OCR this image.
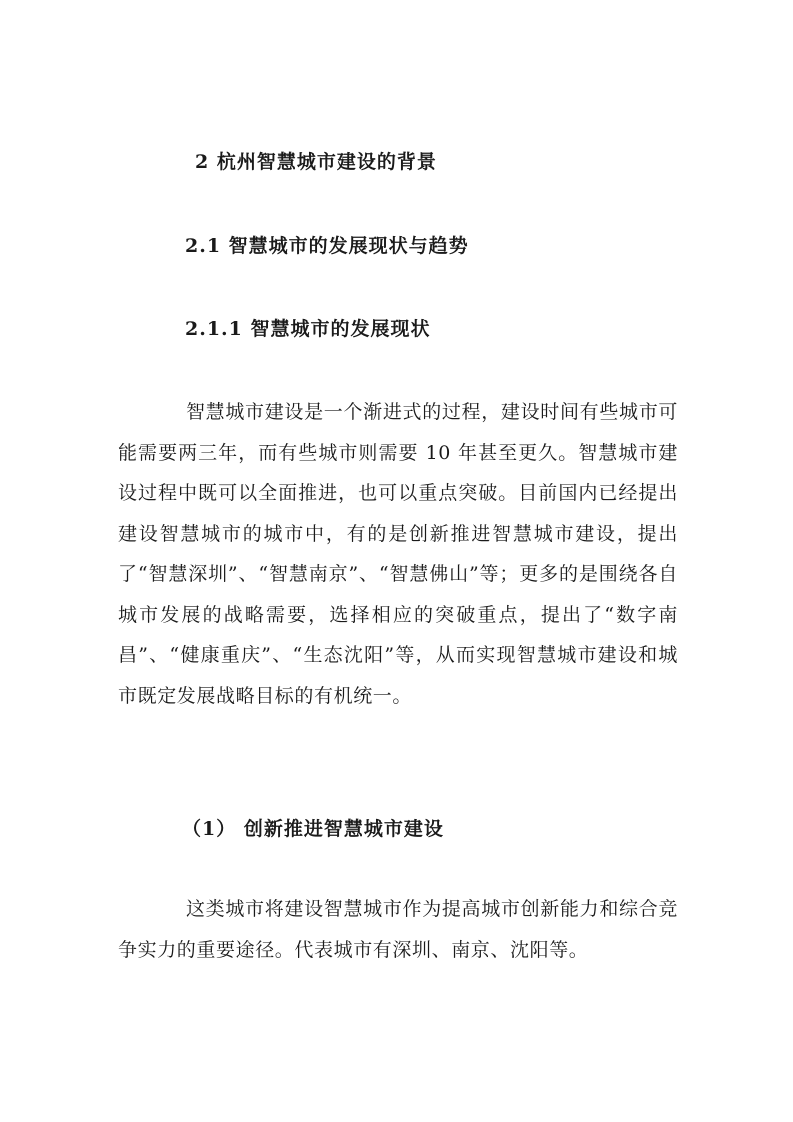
2 杭州智慧城市建设的背景
2.1 智慧城市的发展现状与趋势
2.1.1 智慧城市的发展现状

智慧城市建设是一个渐进式的过程，建设时间有些城市可能需要两三年，而有些城市则需要 10 年甚至更久。智慧城市建设过程中既可以全面推进，也可以重点突破。目前国内已经提出建设智慧城市的城市中，有的是创新推进智慧城市建设，提出了“智慧深圳”、“智慧南京”、“智慧佛山”等；更多的是围绕各自城市发展的战略需要，选择相应的突破重点，提出了“数字南昌”、“健康重庆”、“生态沈阳”等，从而实现智慧城市建设和城市既定发展战略目标的有机统一。

（1） 创新推进智慧城市建设

这类城市将建设智慧城市作为提高城市创新能力和综合竞争实力的重要途径。代表城市有深圳、南京、沈阳等。
